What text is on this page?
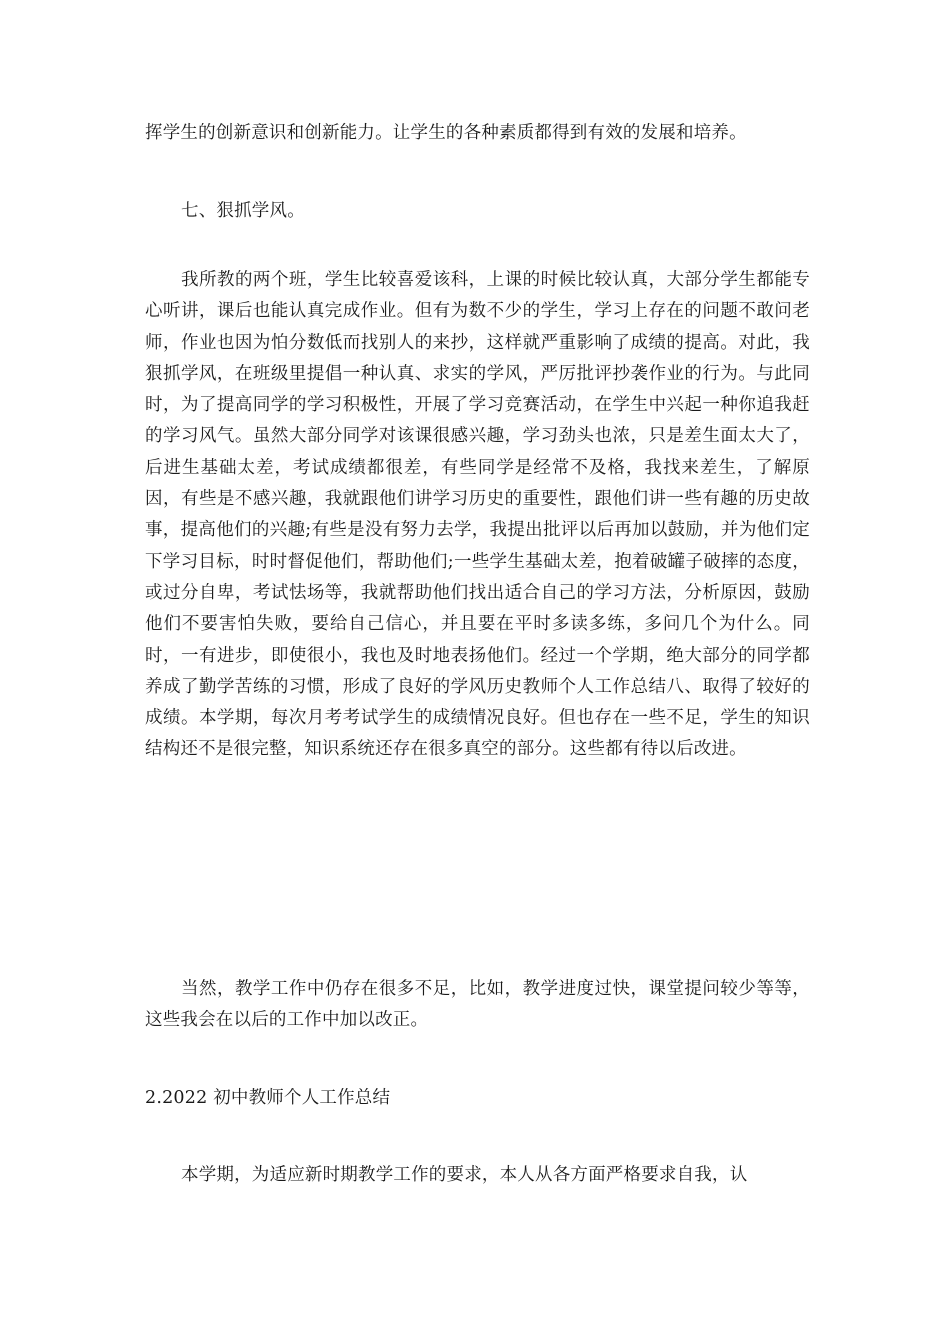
挥学生的创新意识和创新能力。让学生的各种素质都得到有效的发展和培养。

七、狠抓学风。

我所教的两个班，学生比较喜爱该科，上课的时候比较认真，大部分学生都能专心听讲，课后也能认真完成作业。但有为数不少的学生，学习上存在的问题不敢问老师，作业也因为怕分数低而找别人的来抄，这样就严重影响了成绩的提高。对此，我狠抓学风，在班级里提倡一种认真、求实的学风，严厉批评抄袭作业的行为。与此同时，为了提高同学的学习积极性，开展了学习竞赛活动，在学生中兴起一种你追我赶的学习风气。虽然大部分同学对该课很感兴趣，学习劲头也浓，只是差生面太大了，后进生基础太差，考试成绩都很差，有些同学是经常不及格，我找来差生，了解原因，有些是不感兴趣，我就跟他们讲学习历史的重要性，跟他们讲一些有趣的历史故事，提高他们的兴趣;有些是没有努力去学，我提出批评以后再加以鼓励，并为他们定下学习目标，时时督促他们，帮助他们;一些学生基础太差，抱着破罐子破摔的态度，或过分自卑，考试怯场等，我就帮助他们找出适合自己的学习方法，分析原因，鼓励他们不要害怕失败，要给自己信心，并且要在平时多读多练，多问几个为什么。同时，一有进步，即使很小，我也及时地表扬他们。经过一个学期，绝大部分的同学都养成了勤学苦练的习惯，形成了良好的学风历史教师个人工作总结八、取得了较好的成绩。本学期，每次月考考试学生的成绩情况良好。但也存在一些不足，学生的知识结构还不是很完整，知识系统还存在很多真空的部分。这些都有待以后改进。

当然，教学工作中仍存在很多不足，比如，教学进度过快，课堂提问较少等等，这些我会在以后的工作中加以改正。

2.2022 初中教师个人工作总结

本学期，为适应新时期教学工作的要求，本人从各方面严格要求自我，认
